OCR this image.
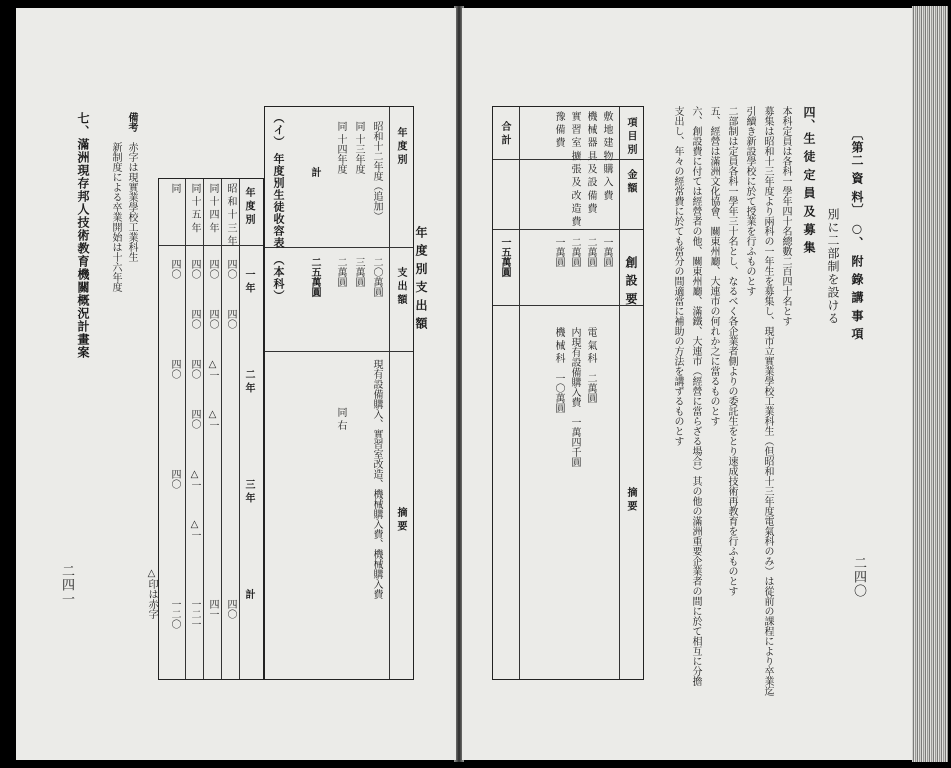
二四〇
〔第二 資 料〕 ○、 附 錄 講 事 項
別に二部制を設ける
四、生 徒 定 員 及 募 集
本科定員は各科一學年四十名總數二百四十名とす
募集は昭和十三年度より兩科の一年生を募集し、現市立實業學校工業科生（但昭和十三年度電氣科のみ）は從前の課程により卒業迄
引續き新設學校に於て授業を行ふものとす
二部制は定員各科一學年三十名とし、なるべく各企業者側よりの委託生をとり速成技術再教育を行ふものとす
五、經營は滿洲文化協會、關東州廳、大連市の何れか之に當るものとす
六、創設費に付ては經營者の他、關東州廳、滿鐵、大連市（經營に當らざる場合）其の他の滿洲重要企業者の間に於て相互に分擔
支出し、年々の經常費に於ても當分の間適當に補助の方法を講ずるものとす
創 設 要
項 目 別
金 額
摘 要
敷 地 建 物 購 入 費
一萬圓
機 械 器 具 及 設 備 費
二萬圓
電 氣 科　二萬圓
實 習 室 擴 張 及 改 造 費
二萬圓
内現有設備購入費　一萬四千圓
豫 備 費
一萬圓
機 械 科　一〇萬圓
合 計
一五萬圓
二四一
年 度 別 支 出 額
年 度 別
支 出 額
摘 要
昭和十二年度（追加）
二〇萬圓
現有設備購入、實習室改造、機械購入費、機械購入費
同 十三年度
三萬圓
同 右
同 十四年度
二萬圓
計
二五萬圓
（イ） 年度別生徒收容表 （本科）
年 度 別
一 年
二 年
三 年
計
昭 和 十 三 年
四〇
四〇
四〇
同 十 四 年
四〇
四〇
△一
△一
四一
同 十 五 年
四〇
四〇
四〇
四〇
△一
△一
一二一
同
四〇
四〇
四〇
一二〇
△印は赤字
備考
赤字は現實業學校工業科生
新制度による卒業開始は十六年度
七、滿洲現存邦人技術教育機關概況計畫案
